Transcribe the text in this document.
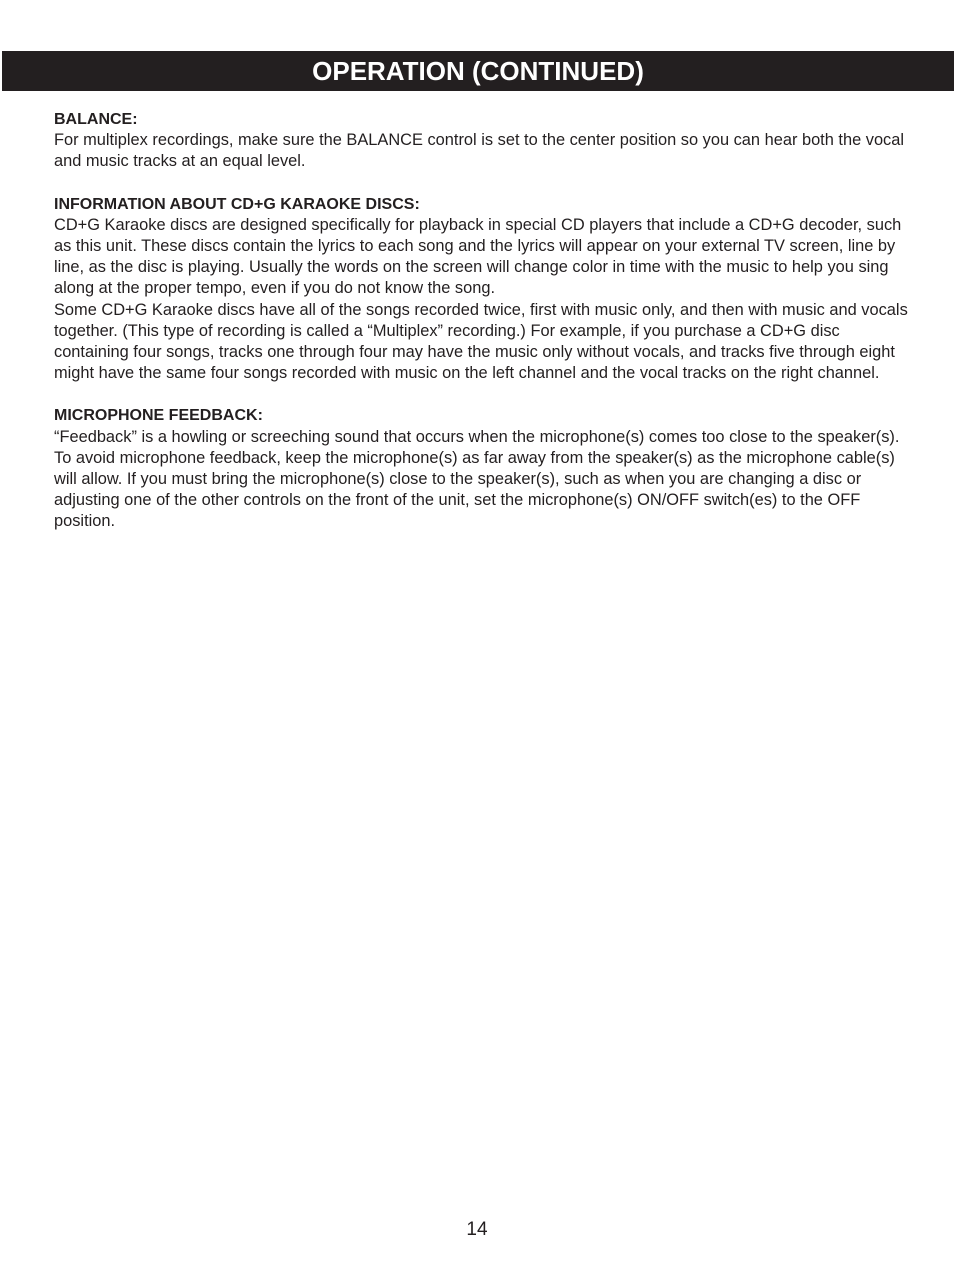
OPERATION (CONTINUED)
BALANCE:

For multiplex recordings, make sure the BALANCE control is set to the center position so you can hear both the vocal and music tracks at an equal level.

INFORMATION ABOUT CD+G KARAOKE DISCS:

CD+G Karaoke discs are designed specifically for playback in special CD players that include a CD+G decoder, such as this unit. These discs contain the lyrics to each song and the lyrics will appear on your external TV screen, line by line, as the disc is playing. Usually the words on the screen will change color in time with the music to help you sing along at the proper tempo, even if you do not know the song.

Some CD+G Karaoke discs have all of the songs recorded twice, first with music only, and then with music and vocals together. (This type of recording is called a “Multiplex” recording.) For example, if you purchase a CD+G disc containing four songs, tracks one through four may have the music only without vocals, and tracks five through eight might have the same four songs recorded with music on the left channel and the vocal tracks on the right channel.

MICROPHONE FEEDBACK:

“Feedback” is a howling or screeching sound that occurs when the microphone(s) comes too close to the speaker(s). To avoid microphone feedback, keep the microphone(s) as far away from the speaker(s) as the microphone cable(s) will allow. If you must bring the microphone(s) close to the speaker(s), such as when you are changing a disc or adjusting one of the other controls on the front of the unit, set the microphone(s) ON/OFF switch(es) to the OFF position.

14
